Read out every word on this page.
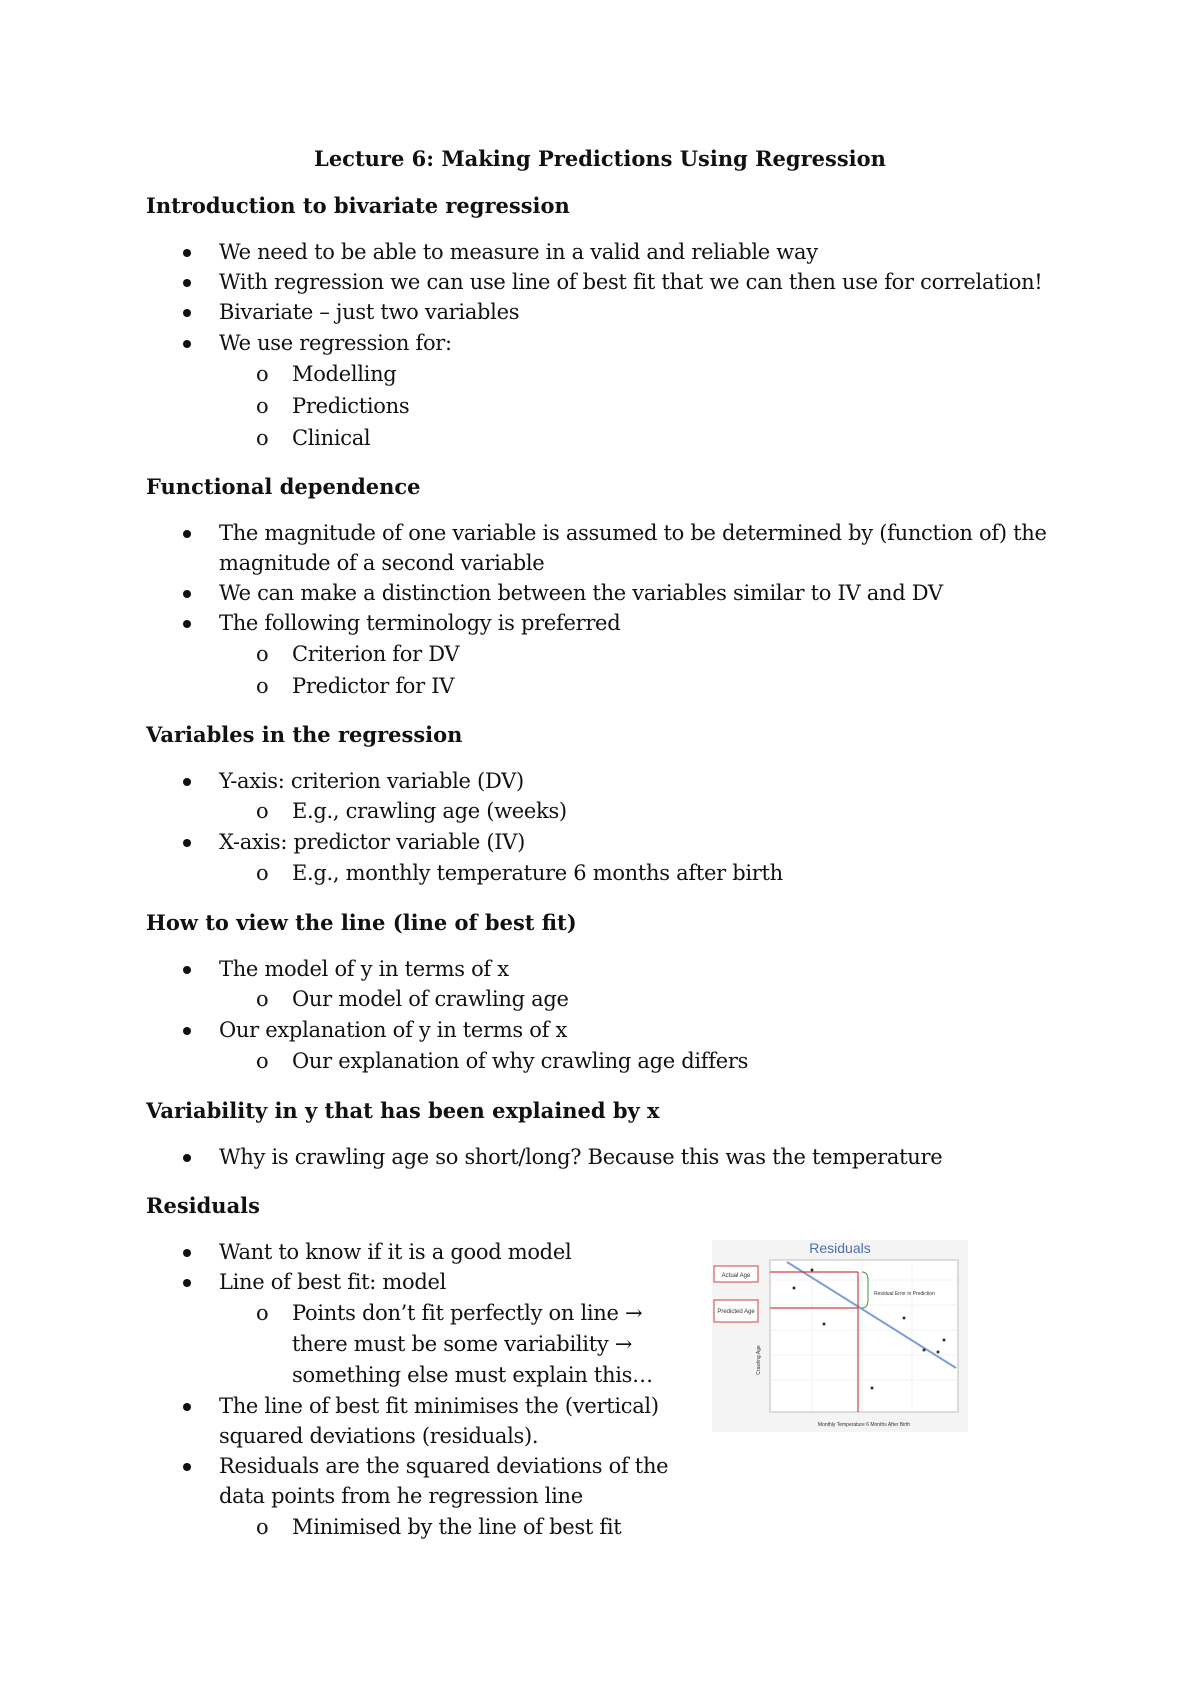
Lecture 6: Making Predictions Using Regression
Introduction to bivariate regression
We need to be able to measure in a valid and reliable way
With regression we can use line of best fit that we can then use for correlation!
Bivariate – just two variables
We use regression for:
o Modelling
o Predictions
o Clinical
Functional dependence
The magnitude of one variable is assumed to be determined by (function of) the
magnitude of a second variable
We can make a distinction between the variables similar to IV and DV
The following terminology is preferred
o Criterion for DV
o Predictor for IV
Variables in the regression
Y-axis: criterion variable (DV)
o E.g., crawling age (weeks)
X-axis: predictor variable (IV)
o E.g., monthly temperature 6 months after birth
How to view the line (line of best fit)
The model of y in terms of x
o Our model of crawling age
Our explanation of y in terms of x
o Our explanation of why crawling age differs
Variability in y that has been explained by x
Why is crawling age so short/long? Because this was the temperature
Residuals
Want to know if it is a good model
Line of best fit: model
o Points don’t fit perfectly on line →
there must be some variability →
something else must explain this…
The line of best fit minimises the (vertical)
squared deviations (residuals).
Residuals are the squared deviations of the
data points from he regression line
o Minimised by the line of best fit
Residuals
Actual Age
Predicted Age
Residual Error in Prediction
Crawling Age
Monthly Temperature 6 Months After Birth
